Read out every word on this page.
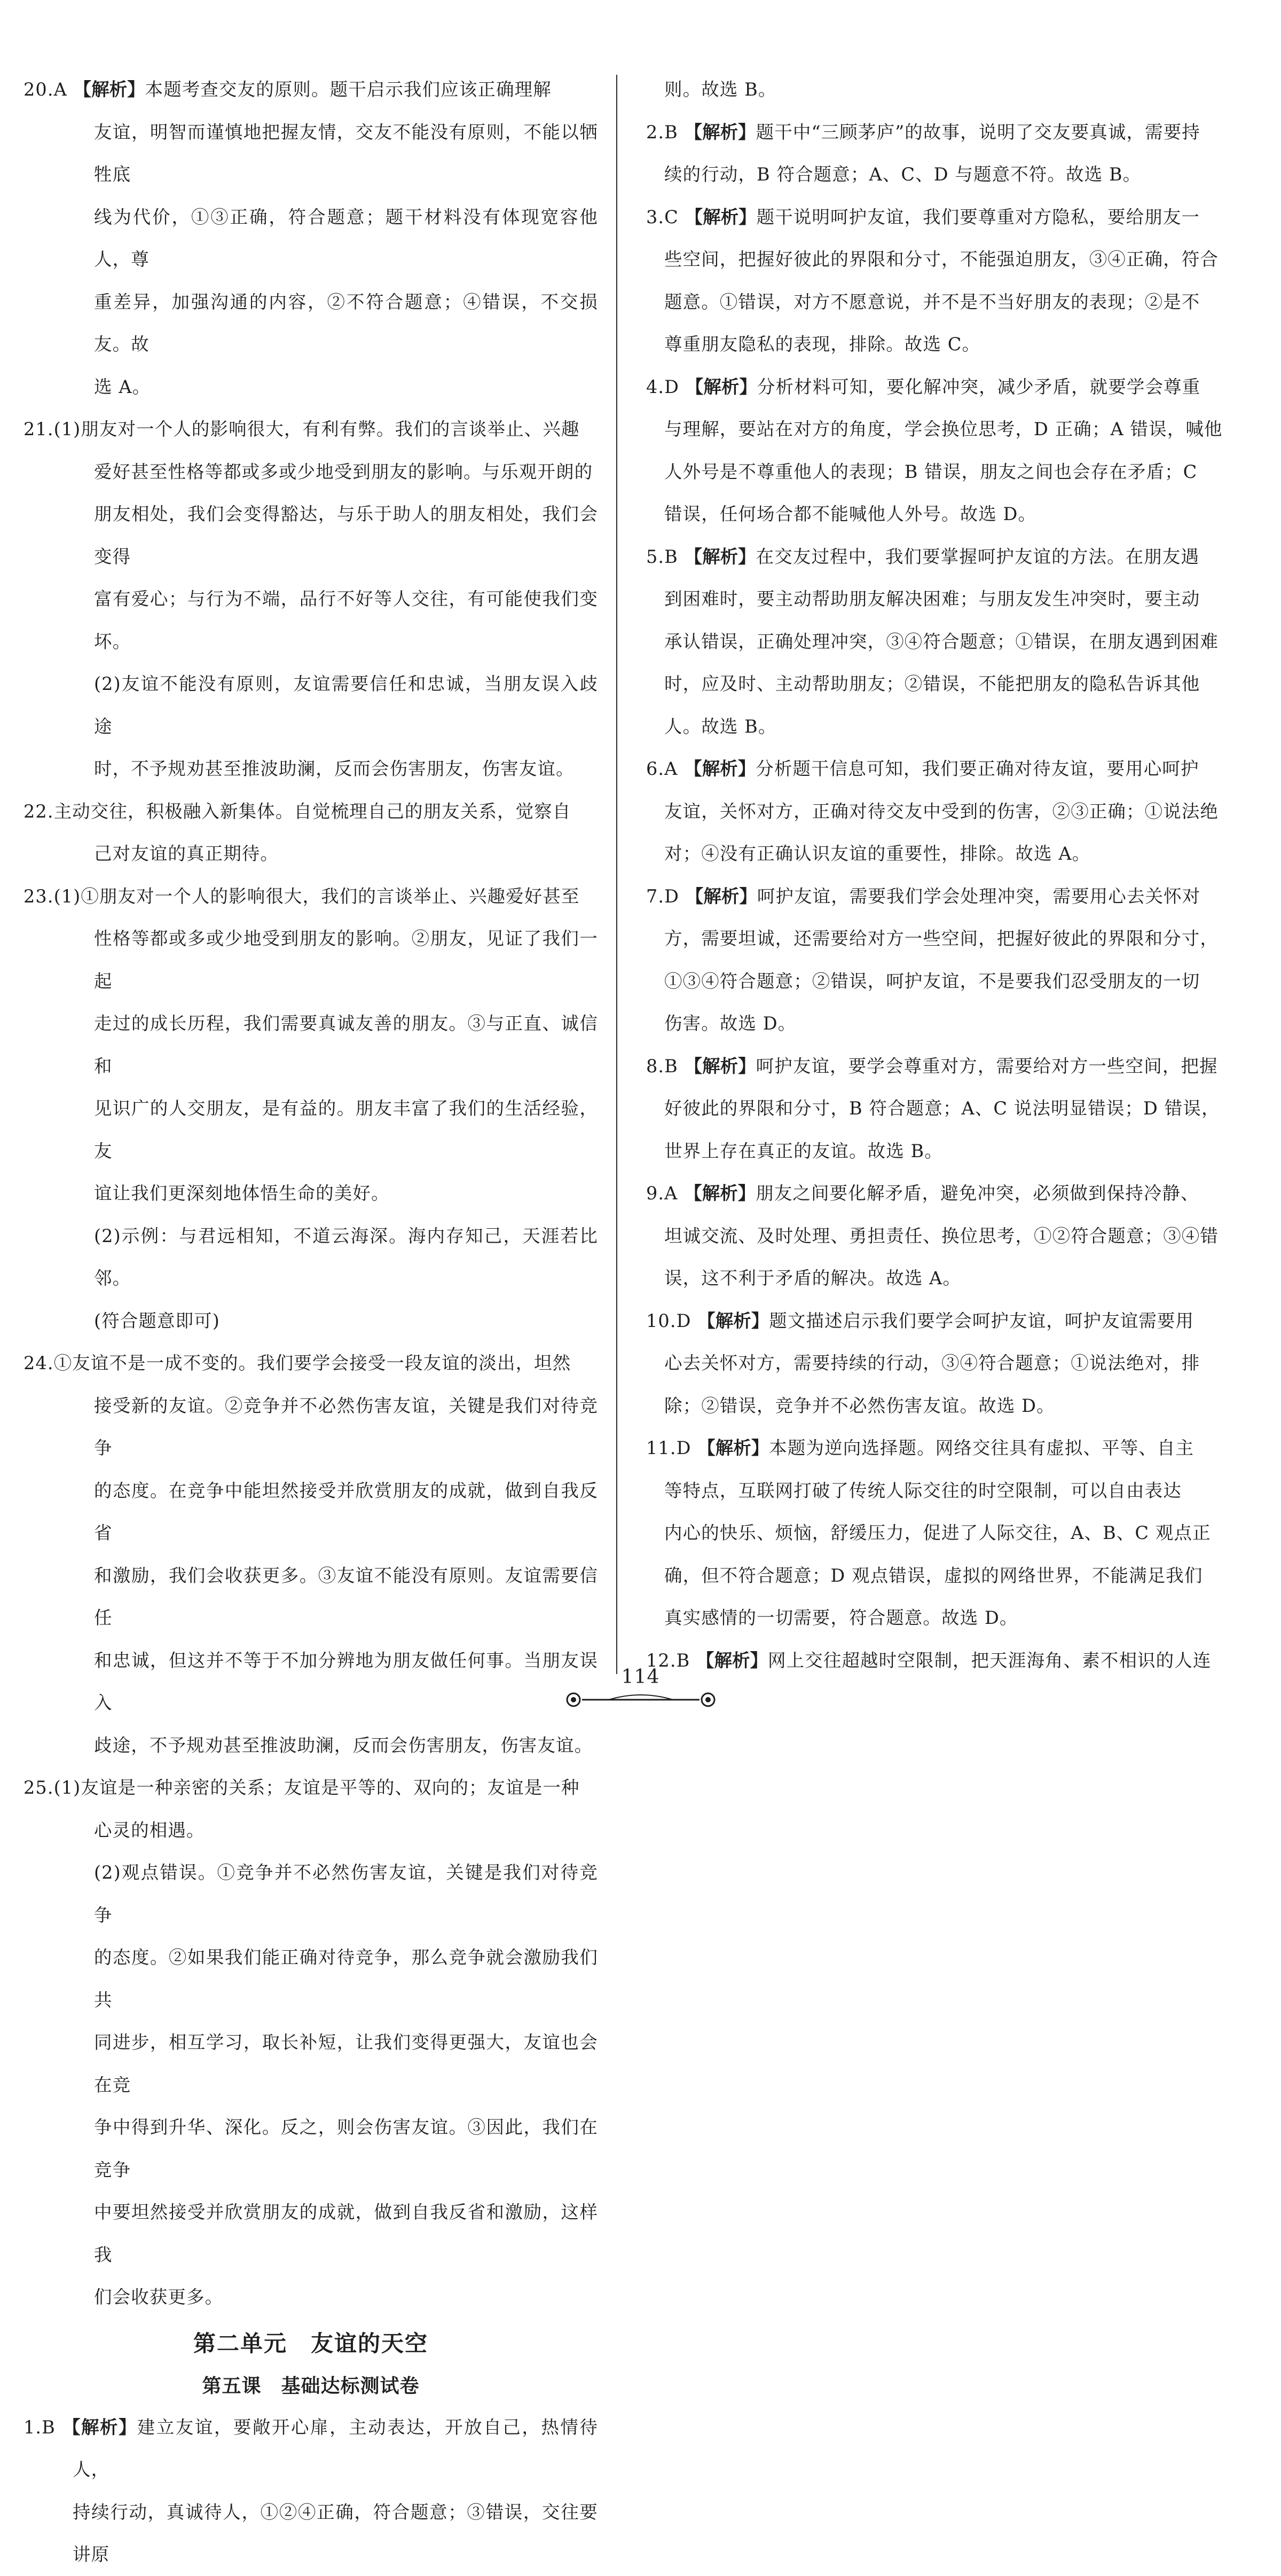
20.A 【解析】本题考查交友的原则。题干启示我们应该正确理解

友谊，明智而谨慎地把握友情，交友不能没有原则，不能以牺牲底

线为代价，①③正确，符合题意；题干材料没有体现宽容他人，尊

重差异，加强沟通的内容，②不符合题意；④错误，不交损友。故

选 A。

21.(1)朋友对一个人的影响很大，有利有弊。我们的言谈举止、兴趣

爱好甚至性格等都或多或少地受到朋友的影响。与乐观开朗的

朋友相处，我们会变得豁达，与乐于助人的朋友相处，我们会变得

富有爱心；与行为不端，品行不好等人交往，有可能使我们变坏。

(2)友谊不能没有原则，友谊需要信任和忠诚，当朋友误入歧途

时，不予规劝甚至推波助澜，反而会伤害朋友，伤害友谊。

22.主动交往，积极融入新集体。自觉梳理自己的朋友关系，觉察自

己对友谊的真正期待。

23.(1)①朋友对一个人的影响很大，我们的言谈举止、兴趣爱好甚至

性格等都或多或少地受到朋友的影响。②朋友，见证了我们一起

走过的成长历程，我们需要真诚友善的朋友。③与正直、诚信和

见识广的人交朋友，是有益的。朋友丰富了我们的生活经验，友

谊让我们更深刻地体悟生命的美好。

(2)示例：与君远相知，不道云海深。海内存知己，天涯若比邻。

(符合题意即可)

24.①友谊不是一成不变的。我们要学会接受一段友谊的淡出，坦然

接受新的友谊。②竞争并不必然伤害友谊，关键是我们对待竞争

的态度。在竞争中能坦然接受并欣赏朋友的成就，做到自我反省

和激励，我们会收获更多。③友谊不能没有原则。友谊需要信任

和忠诚，但这并不等于不加分辨地为朋友做任何事。当朋友误入

歧途，不予规劝甚至推波助澜，反而会伤害朋友，伤害友谊。

25.(1)友谊是一种亲密的关系；友谊是平等的、双向的；友谊是一种

心灵的相遇。

(2)观点错误。①竞争并不必然伤害友谊，关键是我们对待竞争

的态度。②如果我们能正确对待竞争，那么竞争就会激励我们共

同进步，相互学习，取长补短，让我们变得更强大，友谊也会在竞

争中得到升华、深化。反之，则会伤害友谊。③因此，我们在竞争

中要坦然接受并欣赏朋友的成就，做到自我反省和激励，这样我

们会收获更多。

第二单元　友谊的天空

第五课　基础达标测试卷

1.B 【解析】建立友谊，要敞开心扉，主动表达，开放自己，热情待人，

持续行动，真诚待人，①②④正确，符合题意；③错误，交往要讲原

则。故选 B。

2.B 【解析】题干中“三顾茅庐”的故事，说明了交友要真诚，需要持

续的行动，B 符合题意；A、C、D 与题意不符。故选 B。

3.C 【解析】题干说明呵护友谊，我们要尊重对方隐私，要给朋友一

些空间，把握好彼此的界限和分寸，不能强迫朋友，③④正确，符合

题意。①错误，对方不愿意说，并不是不当好朋友的表现；②是不

尊重朋友隐私的表现，排除。故选 C。

4.D 【解析】分析材料可知，要化解冲突，减少矛盾，就要学会尊重

与理解，要站在对方的角度，学会换位思考，D 正确；A 错误，喊他

人外号是不尊重他人的表现；B 错误，朋友之间也会存在矛盾；C

错误，任何场合都不能喊他人外号。故选 D。

5.B 【解析】在交友过程中，我们要掌握呵护友谊的方法。在朋友遇

到困难时，要主动帮助朋友解决困难；与朋友发生冲突时，要主动

承认错误，正确处理冲突，③④符合题意；①错误，在朋友遇到困难

时，应及时、主动帮助朋友；②错误，不能把朋友的隐私告诉其他

人。故选 B。

6.A 【解析】分析题干信息可知，我们要正确对待友谊，要用心呵护

友谊，关怀对方，正确对待交友中受到的伤害，②③正确；①说法绝

对；④没有正确认识友谊的重要性，排除。故选 A。

7.D 【解析】呵护友谊，需要我们学会处理冲突，需要用心去关怀对

方，需要坦诚，还需要给对方一些空间，把握好彼此的界限和分寸，

①③④符合题意；②错误，呵护友谊，不是要我们忍受朋友的一切

伤害。故选 D。

8.B 【解析】呵护友谊，要学会尊重对方，需要给对方一些空间，把握

好彼此的界限和分寸，B 符合题意；A、C 说法明显错误；D 错误，

世界上存在真正的友谊。故选 B。

9.A 【解析】朋友之间要化解矛盾，避免冲突，必须做到保持冷静、

坦诚交流、及时处理、勇担责任、换位思考，①②符合题意；③④错

误，这不利于矛盾的解决。故选 A。

10.D 【解析】题文描述启示我们要学会呵护友谊，呵护友谊需要用

心去关怀对方，需要持续的行动，③④符合题意；①说法绝对，排

除；②错误，竞争并不必然伤害友谊。故选 D。

11.D 【解析】本题为逆向选择题。网络交往具有虚拟、平等、自主

等特点，互联网打破了传统人际交往的时空限制，可以自由表达

内心的快乐、烦恼，舒缓压力，促进了人际交往，A、B、C 观点正

确，但不符合题意；D 观点错误，虚拟的网络世界，不能满足我们

真实感情的一切需要，符合题意。故选 D。

12.B 【解析】网上交往超越时空限制，把天涯海角、素不相识的人连

114
